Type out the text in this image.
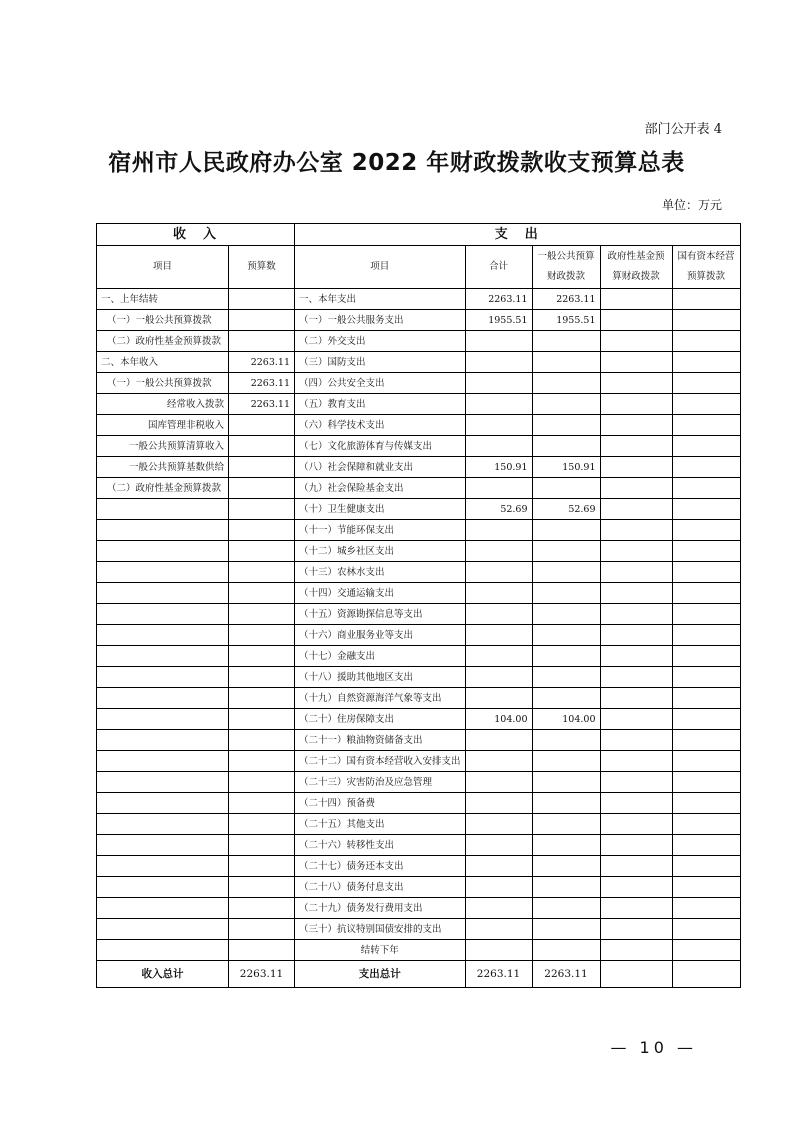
部门公开表 4
宿州市人民政府办公室 2022 年财政拨款收支预算总表
单位：万元
收　入		支　出				
项目	预算数	项目	合计	一般公共预算财政拨款	政府性基金预算财政拨款	国有资本经营预算拨款
一、上年结转		一、本年支出	2263.11	2263.11		
（一）一般公共预算拨款		（一）一般公共服务支出	1955.51	1955.51		
（二）政府性基金预算拨款		（二）外交支出				
二、本年收入	2263.11	（三）国防支出				
（一）一般公共预算拨款	2263.11	（四）公共安全支出				
经常收入拨款	2263.11	（五）教育支出				
国库管理非税收入		（六）科学技术支出				
一般公共预算清算收入		（七）文化旅游体育与传媒支出				
一般公共预算基数供给		（八）社会保障和就业支出	150.91	150.91		
（二）政府性基金预算拨款		（九）社会保险基金支出				
		（十）卫生健康支出	52.69	52.69		
		（十一）节能环保支出				
		（十二）城乡社区支出				
		（十三）农林水支出				
		（十四）交通运输支出				
		（十五）资源勘探信息等支出				
		（十六）商业服务业等支出				
		（十七）金融支出				
		（十八）援助其他地区支出				
		（十九）自然资源海洋气象等支出				
		（二十）住房保障支出	104.00	104.00		
		（二十一）粮油物资储备支出				
		（二十二）国有资本经营收入安排支出				
		（二十三）灾害防治及应急管理				
		（二十四）预备费				
		（二十五）其他支出				
		（二十六）转移性支出				
		（二十七）债务还本支出				
		（二十八）债务付息支出				
		（二十九）债务发行费用支出				
		（三十）抗议特别国债安排的支出				
		结转下年				
收入总计	2263.11	支出总计	2263.11	2263.11		
— 10 —
